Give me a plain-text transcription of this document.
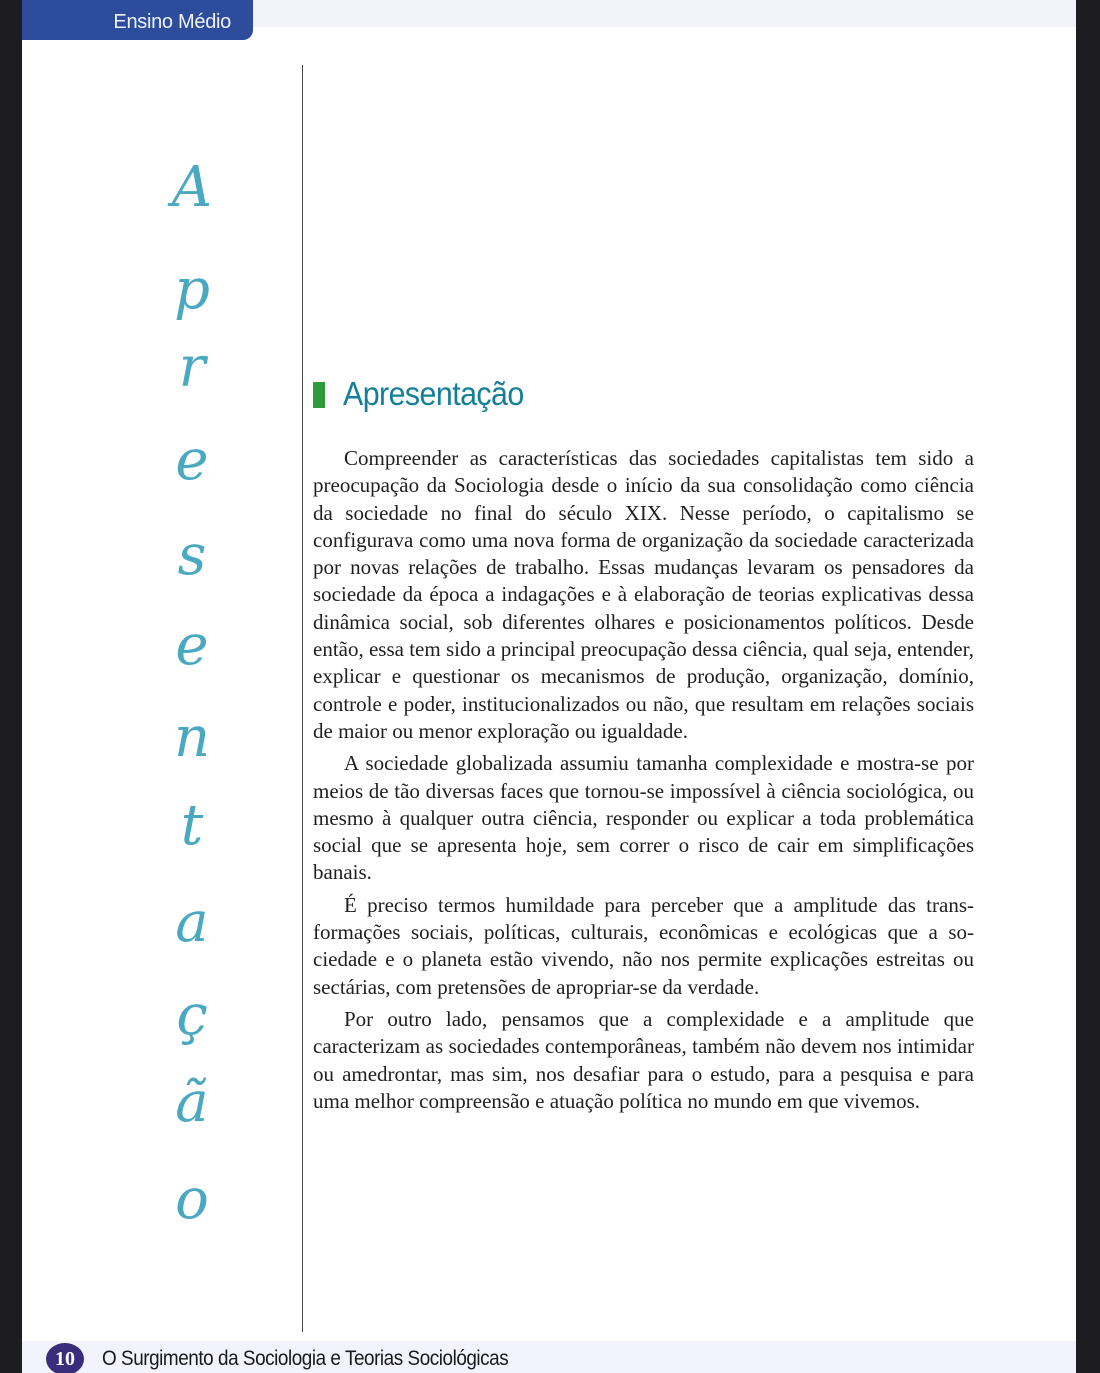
Ensino Médio
A
p
r
e
s
e
n
t
a
ç
ã
o
Apresentação

Compreender as características das sociedades capitalistas tem sido a preocupação da Sociologia desde o início da sua consolidação como ciência da sociedade no final do século XIX. Nesse período, o capitalismo se configurava como uma nova forma de organização da sociedade caracterizada por novas relações de trabalho. Essas mudanças levaram os pensadores da sociedade da época a indagações e à elaboração de teorias explicativas dessa dinâmica social, sob diferentes olhares e posicionamentos políticos. Desde então, essa tem sido a principal preocupação dessa ciência, qual seja, entender, explicar e questionar os mecanismos de produção, organização, domínio, controle e poder, institucionalizados ou não, que resultam em relações sociais de maior ou menor exploração ou igualdade.

A sociedade globalizada assumiu tamanha complexidade e mostra-se por meios de tão diversas faces que tornou-se impossível à ciência sociológica, ou mesmo à qualquer outra ciência, responder ou explicar a toda problemática social que se apresenta hoje, sem correr o risco de cair em simplificações banais.

É preciso termos humildade para perceber que a amplitude das transformações sociais, políticas, culturais, econômicas e ecológicas que a sociedade e o planeta estão vivendo, não nos permite explicações estreitas ou sectárias, com pretensões de apropriar-se da verdade.

Por outro lado, pensamos que a complexidade e a amplitude que caracterizam as sociedades contemporâneas, também não devem nos intimidar ou amedrontar, mas sim, nos desafiar para o estudo, para a pesquisa e para uma melhor compreensão e atuação política no mundo em que vivemos.

10	O Surgimento da Sociologia e Teorias Sociológicas
